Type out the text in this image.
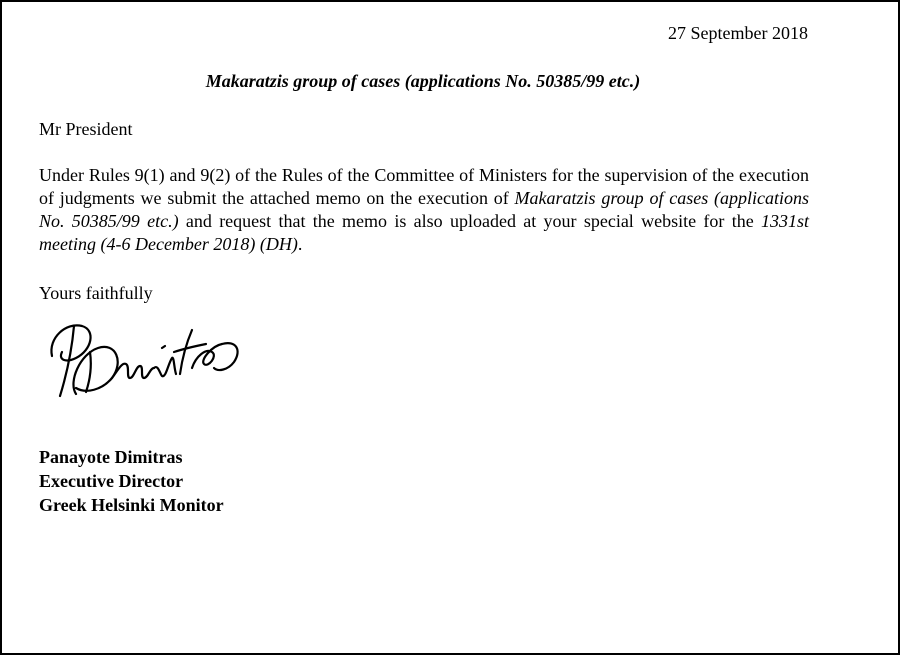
27 September 2018
Makaratzis group of cases (applications No. 50385/99 etc.)
Mr President
Under Rules 9(1) and 9(2) of the Rules of the Committee of Ministers for the supervision of the execution of judgments we submit the attached memo on the execution of Makaratzis group of cases (applications No. 50385/99 etc.) and request that the memo is also uploaded at your special website for the 1331st meeting (4-6 December 2018) (DH).
Yours faithfully
Panayote Dimitras
Executive Director
Greek Helsinki Monitor
